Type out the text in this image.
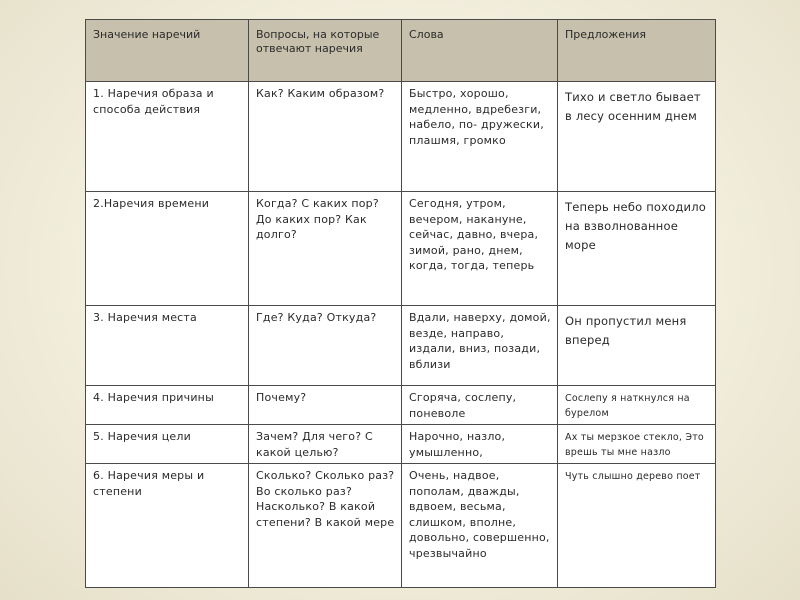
Значение наречий	Вопросы, на которые отвечают наречия	Слова	Предложения
1. Наречия образа и способа действия	Как? Каким образом?	Быстро, хорошо, медленно, вдребезги, набело, по- дружески, плашмя, громко	Тихо и светло бывает в лесу осенним днем
2.Наречия времени	Когда? С каких пор? До каких пор? Как долго?	Сегодня, утром, вечером, накануне, сейчас, давно, вчера, зимой, рано, днем, когда, тогда, теперь	Теперь небо походило на взволнованное море
3. Наречия места	Где? Куда? Откуда?	Вдали, наверху, домой, везде, направо, издали, вниз, позади, вблизи	Он пропустил меня вперед
4. Наречия причины	Почему?	Сгоряча, сослепу, поневоле	Сослепу я наткнулся на бурелом
5. Наречия цели	Зачем? Для чего? С какой целью?	Нарочно, назло, умышленно,	Ах ты мерзкое стекло, Это врешь ты мне назло
6. Наречия меры и степени	Сколько? Сколько раз? Во сколько раз? Насколько? В какой степени? В какой мере	Очень, надвое, пополам, дважды, вдвоем, весьма, слишком, вполне, довольно, совершенно, чрезвычайно	Чуть слышно дерево поет
